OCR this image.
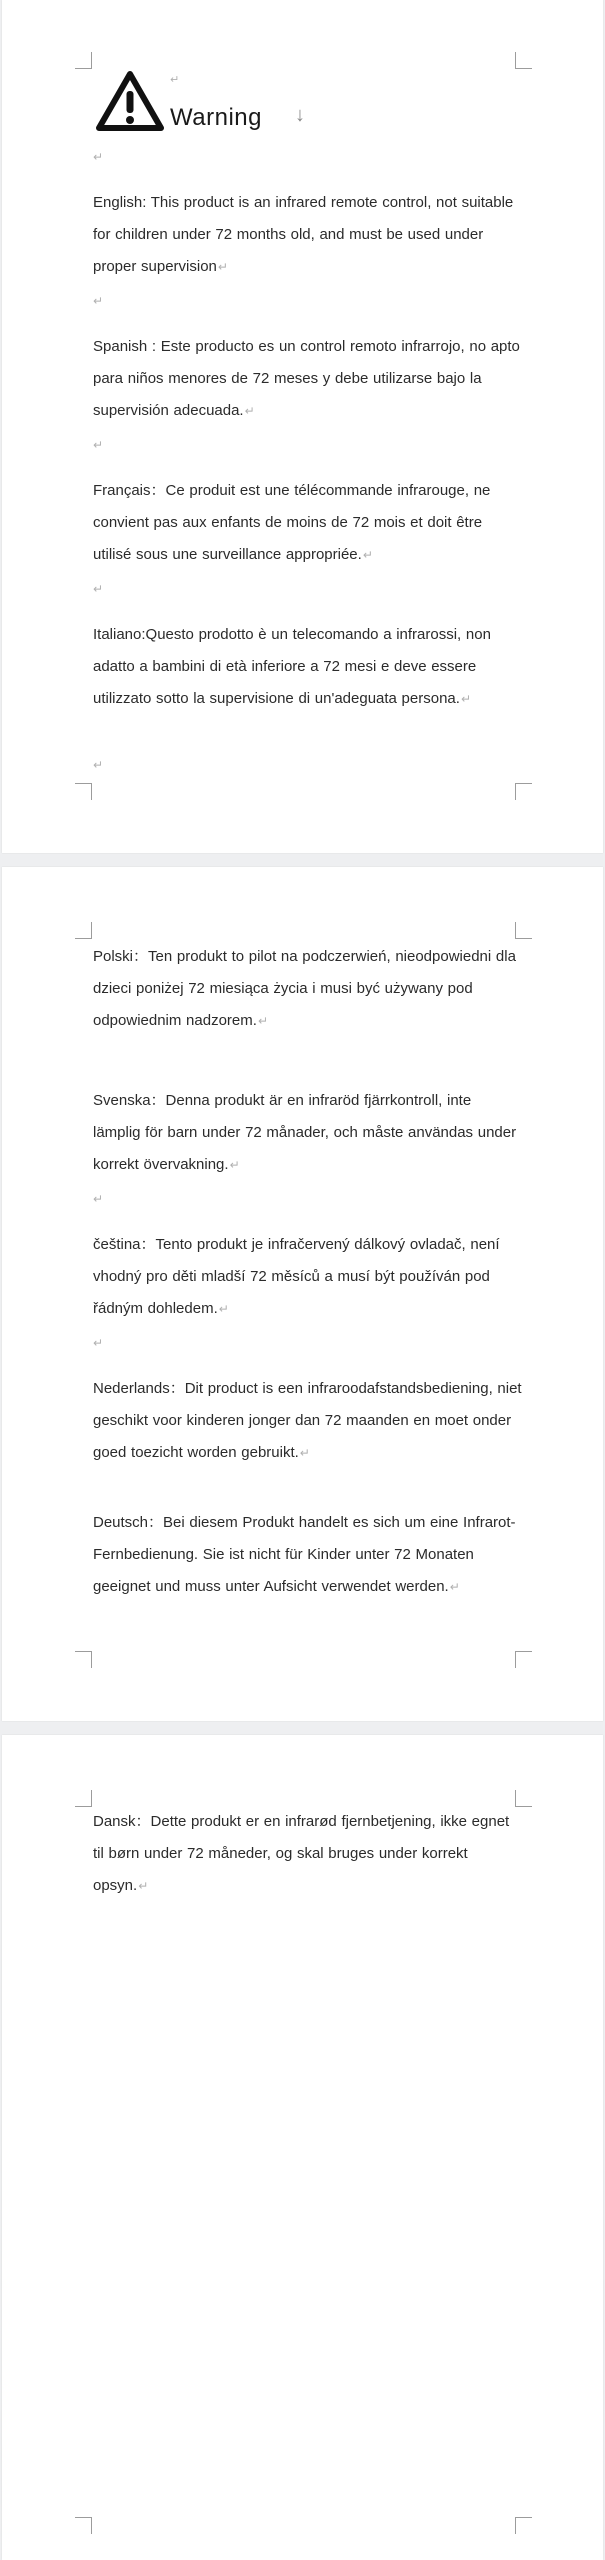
↵
Warning ↓
↵
English: This product is an infrared remote control, not suitable for children under 72 months old, and must be used under proper supervision↵
↵
Spanish : Este producto es un control remoto infrarrojo, no apto para niños menores de 72 meses y debe utilizarse bajo la supervisión adecuada.↵
↵
Français：Ce produit est une télécommande infrarouge, ne convient pas aux enfants de moins de 72 mois et doit être utilisé sous une surveillance appropriée.↵
↵
Italiano:Questo prodotto è un telecomando a infrarossi, non adatto a bambini di età inferiore a 72 mesi e deve essere utilizzato sotto la supervisione di un'adeguata persona.↵
↵
Polski：Ten produkt to pilot na podczerwień, nieodpowiedni dla dzieci poniżej 72 miesiąca życia i musi być używany pod odpowiednim nadzorem.↵
Svenska：Denna produkt är en infraröd fjärrkontroll, inte lämplig för barn under 72 månader, och måste användas under korrekt övervakning.↵
↵
čeština：Tento produkt je infračervený dálkový ovladač, není vhodný pro děti mladší 72 měsíců a musí být používán pod řádným dohledem.↵
↵
Nederlands：Dit product is een infraroodafstandsbediening, niet geschikt voor kinderen jonger dan 72 maanden en moet onder goed toezicht worden gebruikt.↵
Deutsch：Bei diesem Produkt handelt es sich um eine Infrarot-Fernbedienung. Sie ist nicht für Kinder unter 72 Monaten geeignet und muss unter Aufsicht verwendet werden.↵
Dansk：Dette produkt er en infrarød fjernbetjening, ikke egnet til børn under 72 måneder, og skal bruges under korrekt opsyn.↵
